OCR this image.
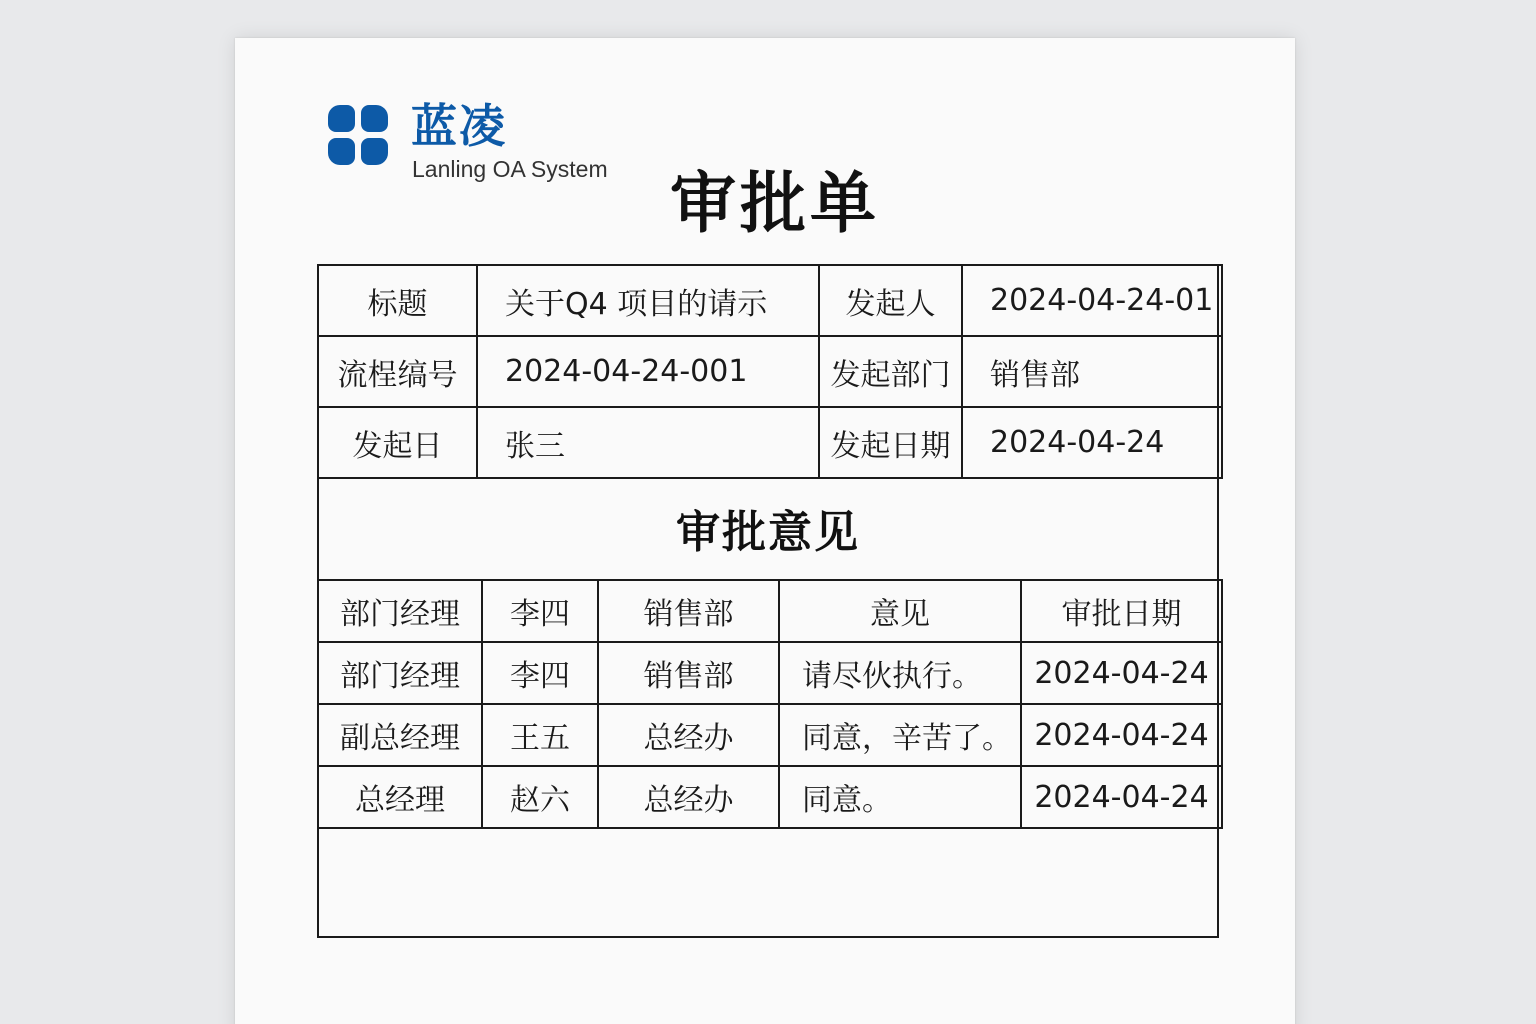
蓝凌
Lanling OA System 审批单
标题	关于Q4 项目的请示	发起人	2024-04-24-01
流桯缟号	2024-04-24-001	发起部门	销售部
发起日	张三	发起日期	2024-04-24
审批意见
部门经理	李四	销售部	意见	审批日期
部门经理	李四	销售部	请尽伙执行。	2024-04-24
副总经理	王五	总经办	同意，辛苦了。	2024-04-24
总经理	赵六	总经办	同意。	2024-04-24
